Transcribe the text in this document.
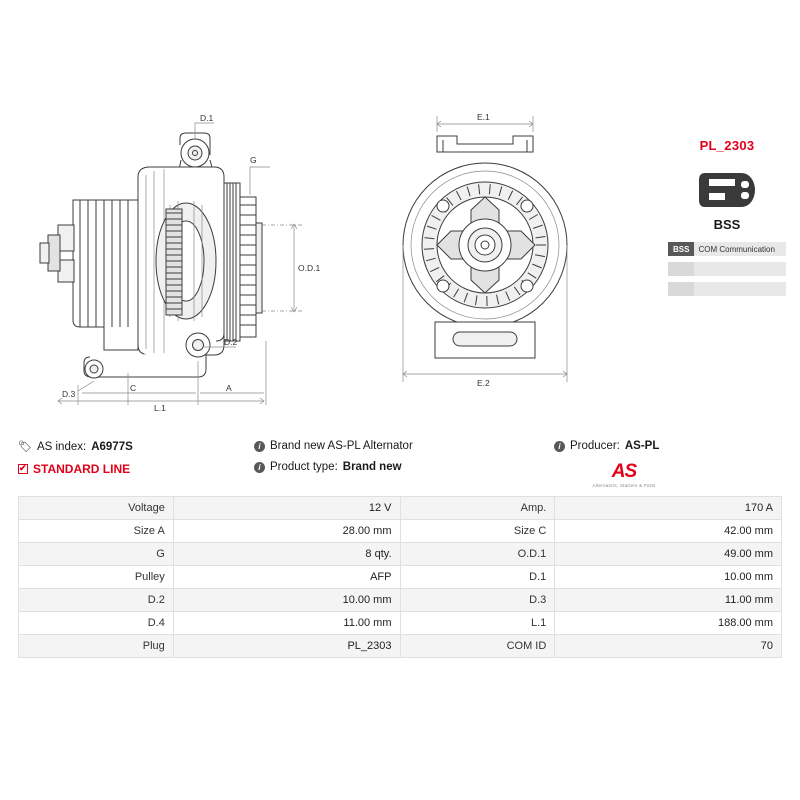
D.1
D.2
D.3
G
O.D.1
C	A
L.1
E.1
E.2
PL_2303
BSS
BSS	COM Communication
🏷 AS index: A6977S
✔
STANDARD LINE
i Brand new AS-PL Alternator
i Product type: Brand new
i Producer: AS-PL
AS
Alternators, Starters & Parts
Voltage	12 V	Amp.	170 A
Size A	28.00 mm	Size C	42.00 mm
G	8 qty.	O.D.1	49.00 mm
Pulley	AFP	D.1	10.00 mm
D.2	10.00 mm	D.3	11.00 mm
D.4	11.00 mm	L.1	188.00 mm
Plug	PL_2303	COM ID	70
